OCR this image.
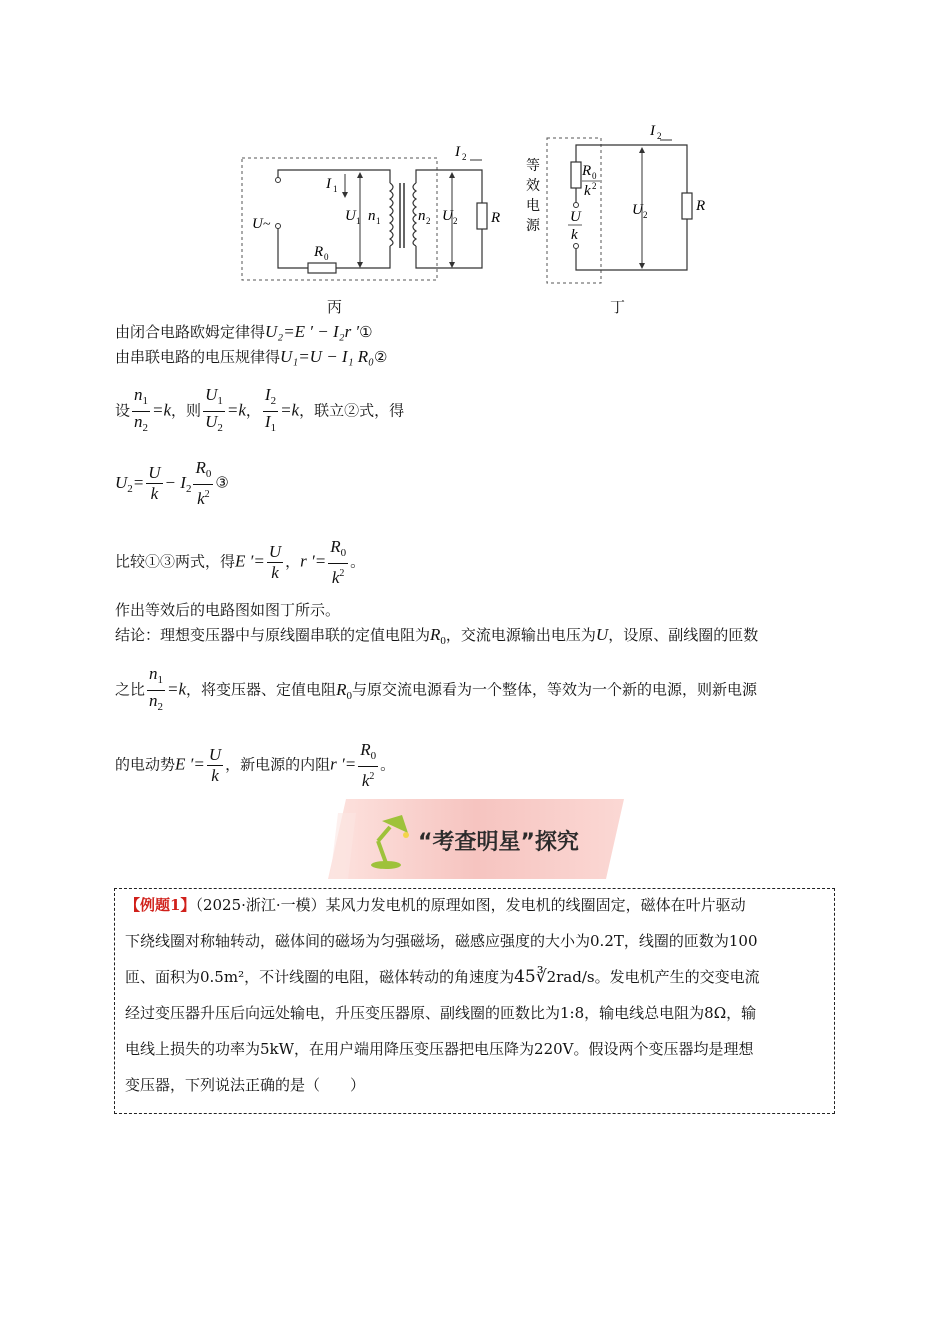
I 1
U ~
U 1 n 1	n 2 U 2
I 2
R
R 0
丙
I 2
R 0
k 2
U
k
U 2
R
等
效
电
源
丁
由闭合电路欧姆定律得U₂=E ′ − I₂r ′①
由串联电路的电压规律得U₁=U − I₁ R₀②
设 $\frac{n_1}{n_2} =k$，则 $\frac{U_1}{U_2} =k$， $\frac{I_2}{I_1} =k$，联立②式，得
$U_2= \frac{U}{k} - I_2 \frac{R_0}{k^2}$ ③
比较①③两式，得E ′= $\frac{U}{k}$ ，r ′= $\frac{R_0}{k^2}$ 。
作出等效后的电路图如图丁所示。
结论：理想变压器中与原线圈串联的定值电阻为$R_0$，交流电源输出电压为U，设原、副线圈的匝数
之比 $\frac{n_1}{n_2} =k$，将变压器、定值电阻$R_0$与原交流电源看为一个整体，等效为一个新的电源，则新电源
的电动势E ′= $\frac{U}{k}$ ，新电源的内阻r ′= $\frac{R_0}{k^2}$ 。
“考查明星”探究
【例题1】（2025·浙江·一模）某风力发电机的原理如图，发电机的线圈固定，磁体在叶片驱动
下绕线圈对称轴转动，磁体间的磁场为匀强磁场，磁感应强度的大小为0.2T，线圈的匝数为100
匝、面积为0.5m²，不计线圈的电阻，磁体转动的角速度为45∛2rad/s。发电机产生的交变电流
经过变压器升压后向远处输电，升压变压器原、副线圈的匝数比为1:8，输电线总电阻为8Ω，输
电线上损失的功率为5kW，在用户端用降压变压器把电压降为220V。假设两个变压器均是理想
变压器，下列说法正确的是（　　）
